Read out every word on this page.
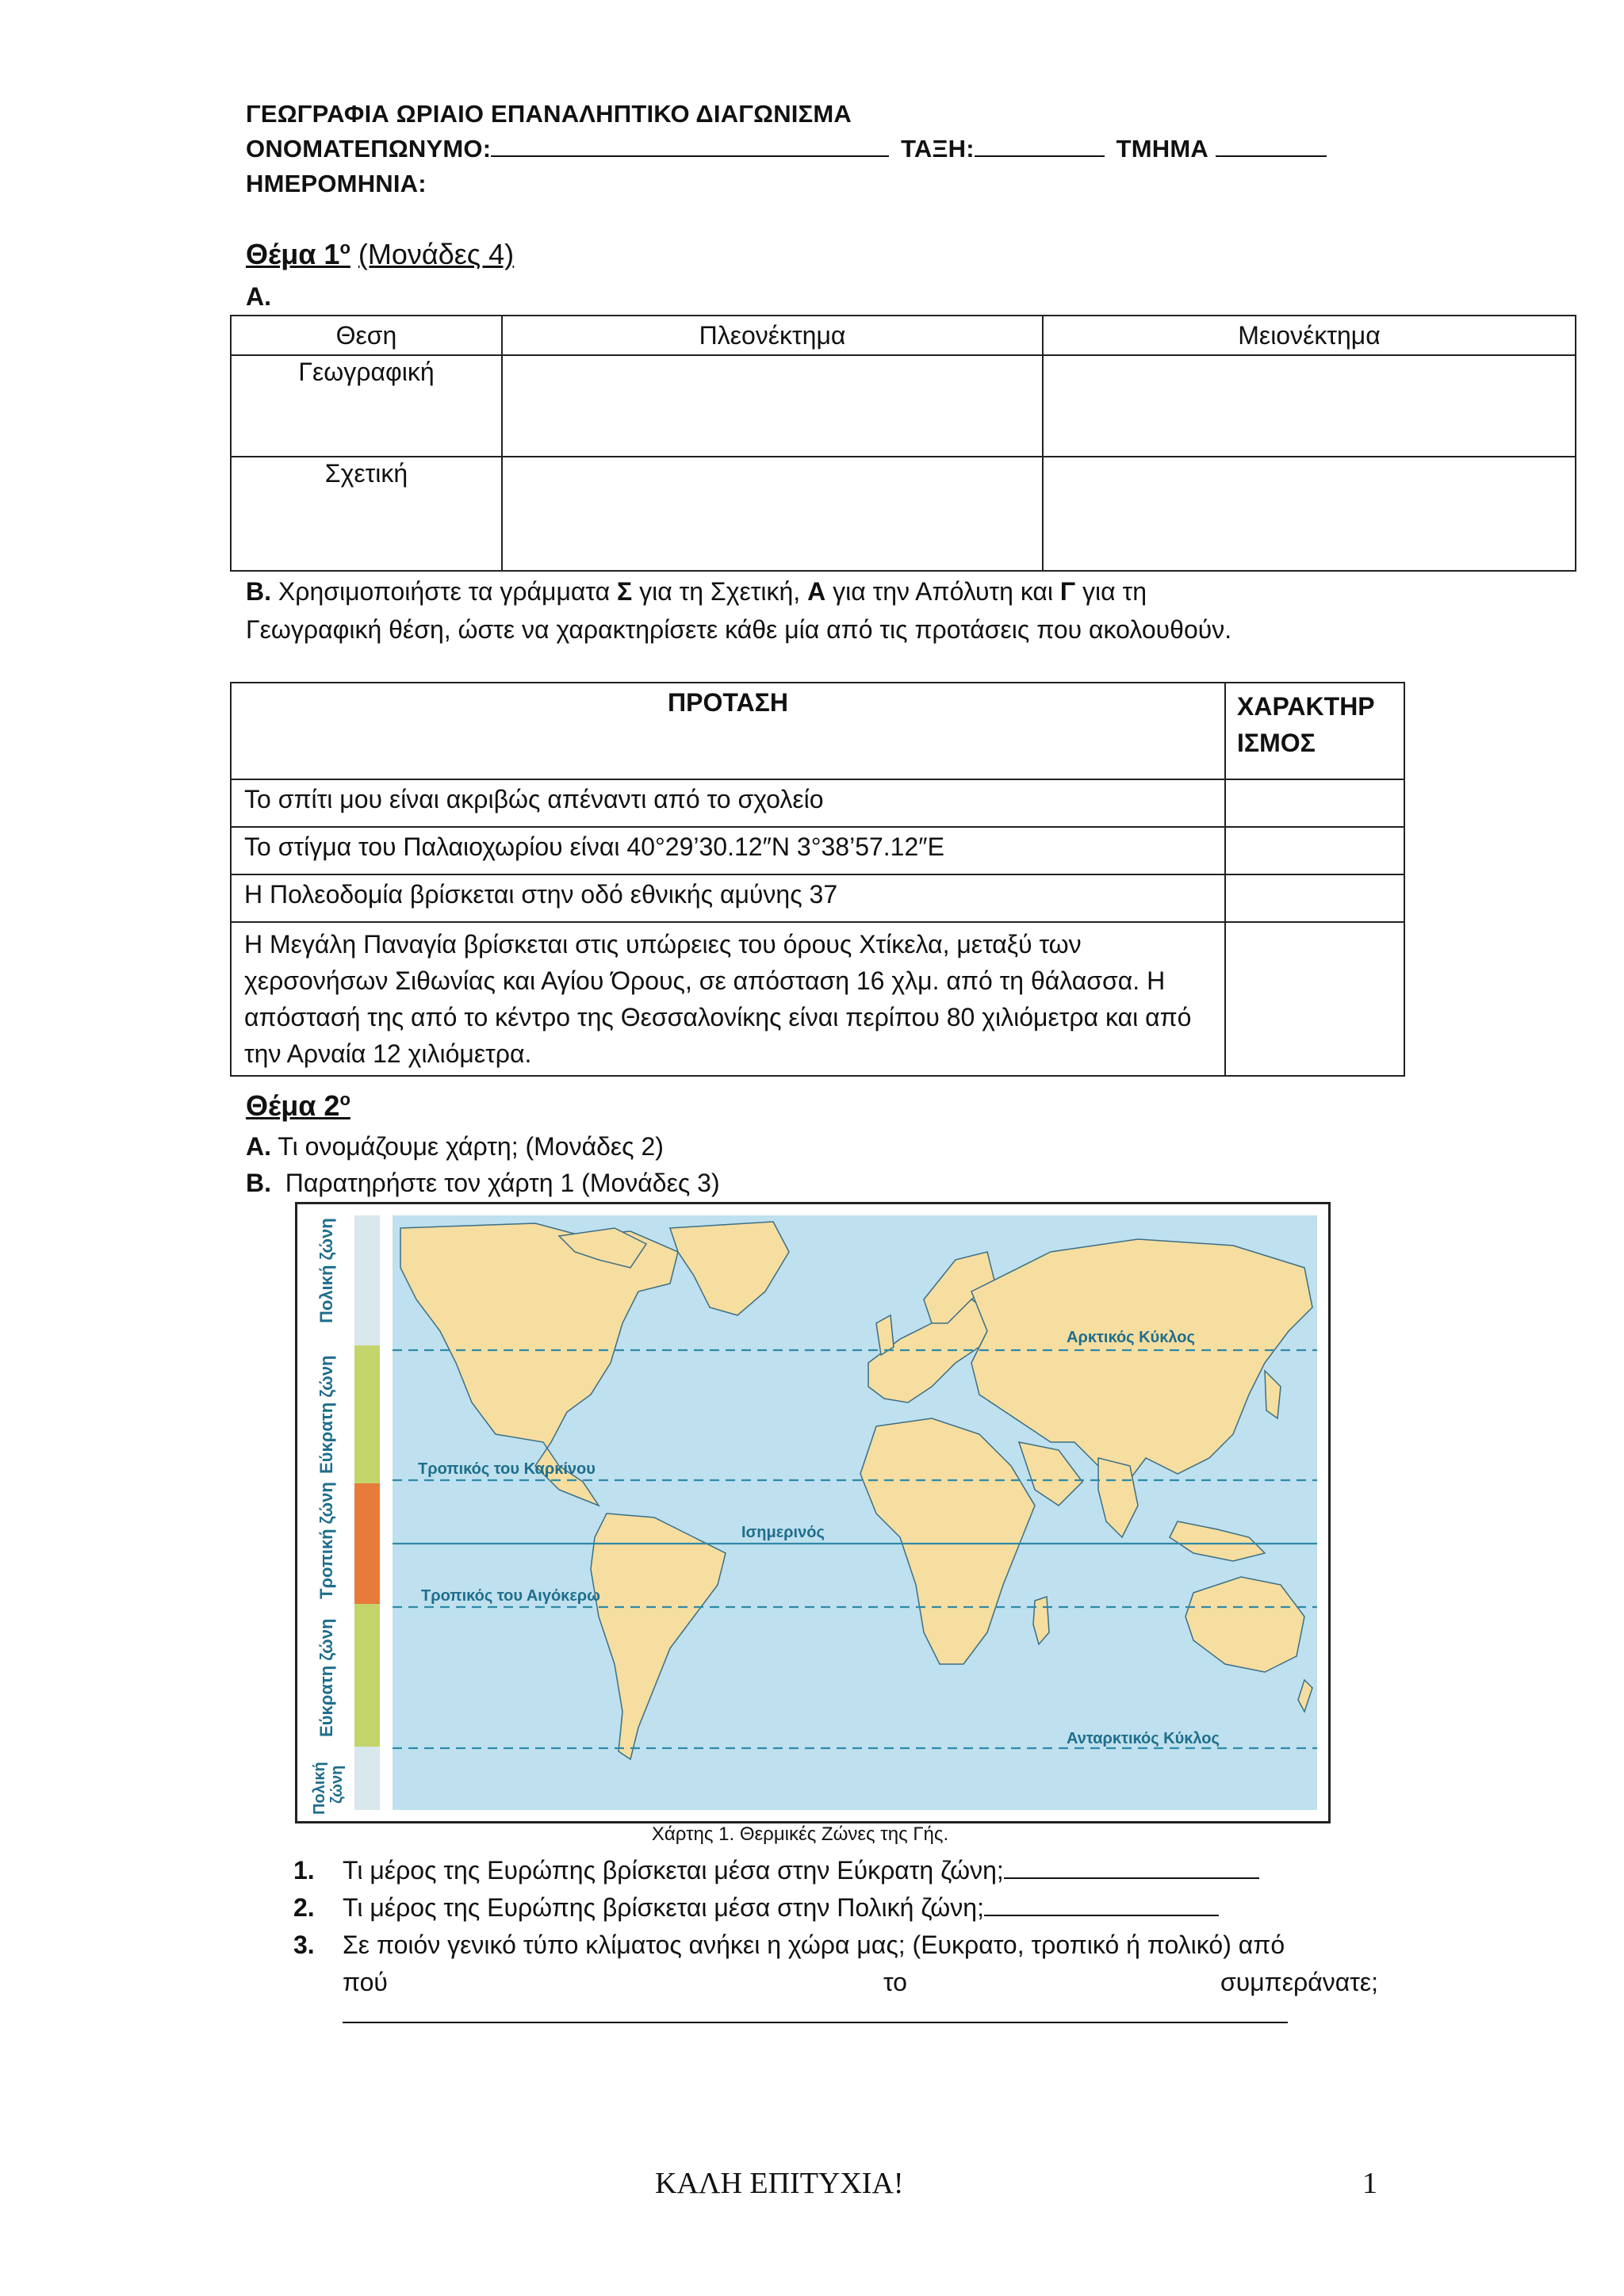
ΓΕΩΓΡΑΦΙΑ ΩΡΙΑΙΟ ΕΠΑΝΑΛΗΠΤΙΚΟ ΔΙΑΓΩΝΙΣΜΑ
ΟΝΟΜΑΤΕΠΩΝΥΜΟ:	ΤΑΞΗ:	ΤΜΗΜΑ
ΗΜΕΡΟΜΗΝΙΑ:
Θέμα $1^o$ (Μονάδες 4)
Α.
Θεση	Πλεονέκτημα	Μειονέκτημα
Γεωγραφική		
Σχετική		
Β. Χρησιμοποιήστε τα γράμματα Σ για τη Σχετική, Α για την Απόλυτη και Γ για τη
Γεωγραφική θέση, ώστε να χαρακτηρίσετε κάθε μία από τις προτάσεις που ακολουθούν.
ΠΡΟΤΑΣΗ	ΧΑΡΑΚΤΗΡ
ΙΣΜΟΣ
Το σπίτι μου είναι ακριβώς απέναντι από το σχολείο	
Το στίγμα του Παλαιοχωρίου είναι 40°29’30.12″N 3°38’57.12″E	
Η Πολεοδομία βρίσκεται στην οδό εθνικής αμύνης 37	
Η Μεγάλη Παναγία βρίσκεται στις υπώρειες του όρους Χτίκελα, μεταξύ των χερσονήσων Σιθωνίας και Αγίου Όρους, σε απόσταση 16 χλμ. από τη θάλασσα. Η απόστασή της από το κέντρο της Θεσσαλονίκης είναι περίπου 80 χιλιόμετρα και από την Αρναία 12 χιλιόμετρα.	
Θέμα $2^o$
Α. Τι ονομάζουμε χάρτη; (Μονάδες 2)
Β. Παρατηρήστε τον χάρτη 1 (Μονάδες 3)
Πολική ζώνη
Εύκρατη ζώνη
Τροπική ζώνη
Εύκρατη ζώνη
Πολική ζώνη
Αρκτικός Κύκλος
Τροπικός του Καρκίνου
Ισημερινός
Τροπικός του Αιγόκερω
Ανταρκτικός Κύκλος
Χάρτης 1. Θερμικές Ζώνες της Γής.
1. Τι μέρος της Ευρώπης βρίσκεται μέσα στην Εύκρατη ζώνη;
2. Τι μέρος της Ευρώπης βρίσκεται μέσα στην Πολική ζώνη;
3. Σε ποιόν γενικό τύπο κλίματος ανήκει η χώρα μας; (Ευκρατο, τροπικό ή πολικό) από
πού	το	συμπεράνατε;
ΚΑΛΗ ΕΠΙΤΥΧΙΑ!	1
